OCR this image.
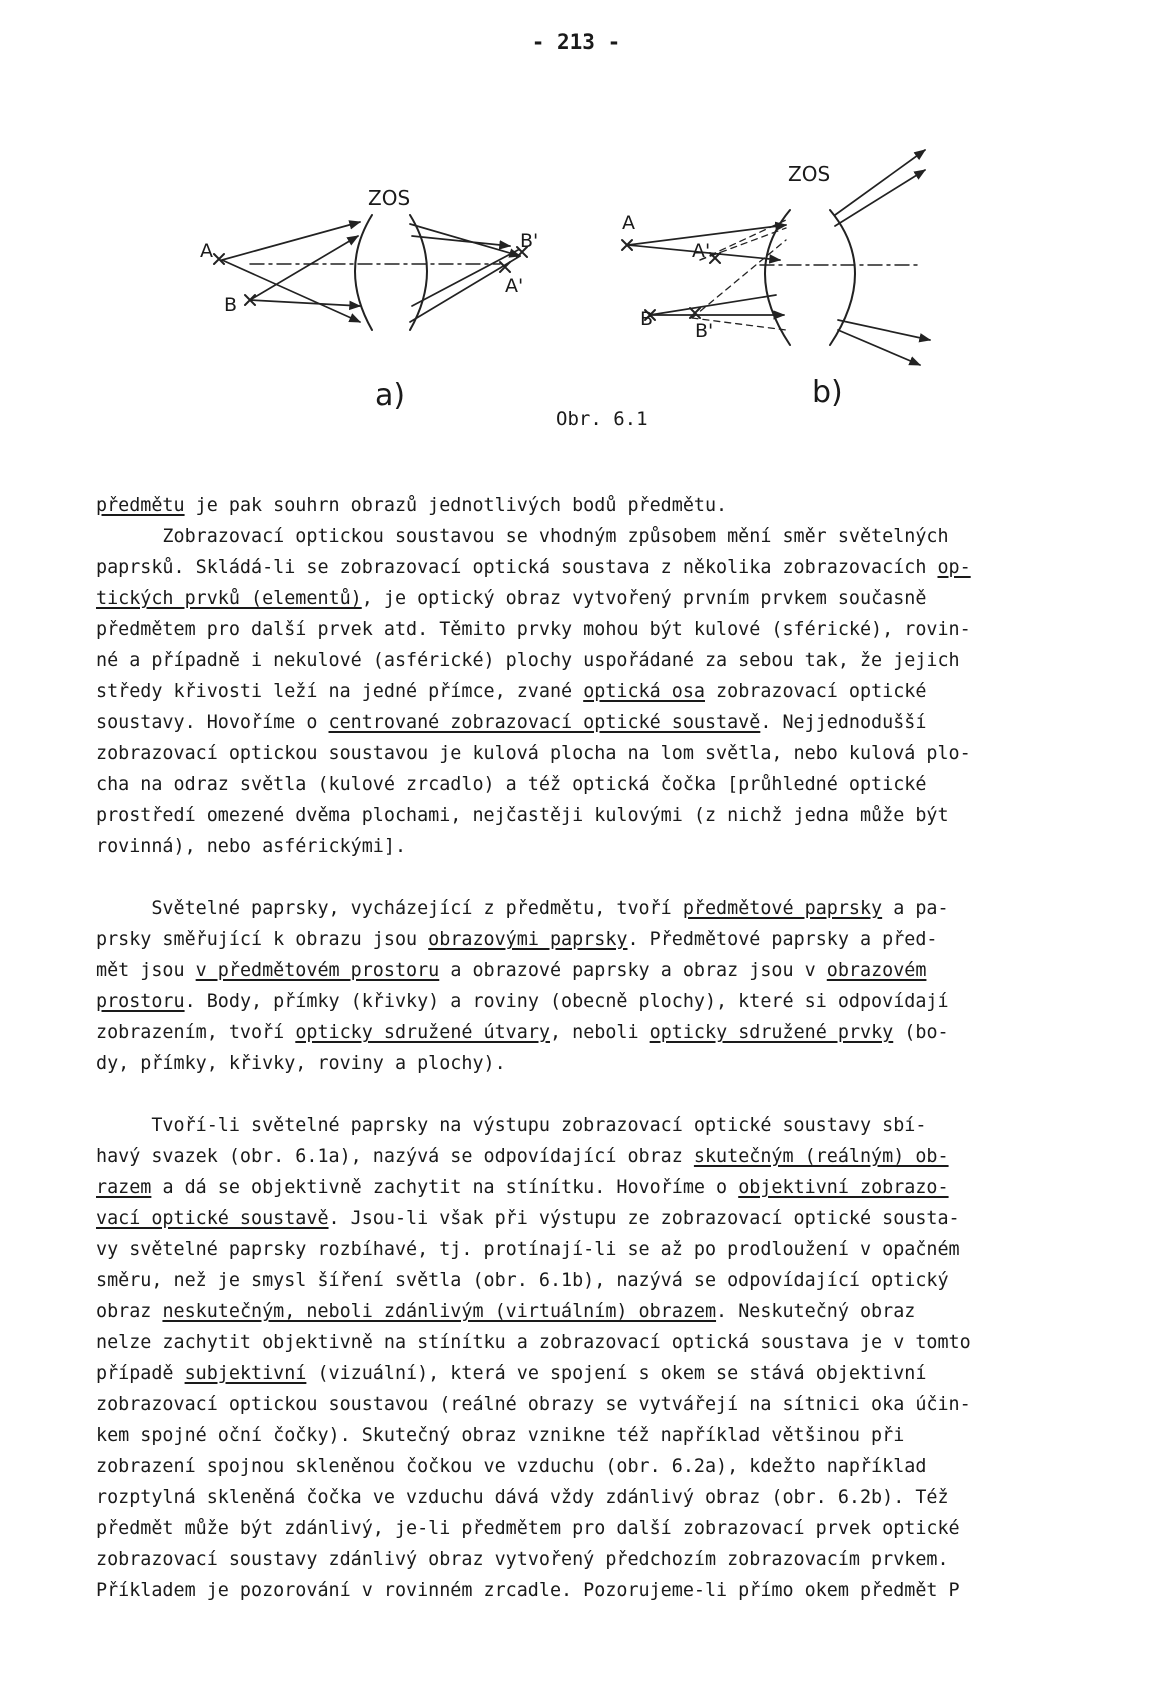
- 213 -
ZOS
A
B
B'
A'
a)
ZOS
A
A'
B
B'
b)
Obr. 6.1
předmětu je pak souhrn obrazů jednotlivých bodů předmětu.
Zobrazovací optickou soustavou se vhodným způsobem mění směr světelných
paprsků. Skládá-li se zobrazovací optická soustava z několika zobrazovacích op-
tických prvků (elementů), je optický obraz vytvořený prvním prvkem současně
předmětem pro další prvek atd. Těmito prvky mohou být kulové (sférické), rovin-
né a případně i nekulové (asférické) plochy uspořádané za sebou tak, že jejich
středy křivosti leží na jedné přímce, zvané optická osa zobrazovací optické
soustavy. Hovoříme o centrované zobrazovací optické soustavě. Nejjednodušší
zobrazovací optickou soustavou je kulová plocha na lom světla, nebo kulová plo-
cha na odraz světla (kulové zrcadlo) a též optická čočka [průhledné optické
prostředí omezené dvěma plochami, nejčastěji kulovými (z nichž jedna může být
rovinná), nebo asférickými].
Světelné paprsky, vycházející z předmětu, tvoří předmětové paprsky a pa-
prsky směřující k obrazu jsou obrazovými paprsky. Předmětové paprsky a před-
mět jsou v předmětovém prostoru a obrazové paprsky a obraz jsou v obrazovém
prostoru. Body, přímky (křivky) a roviny (obecně plochy), které si odpovídají
zobrazením, tvoří opticky sdružené útvary, neboli opticky sdružené prvky (bo-
dy, přímky, křivky, roviny a plochy).
Tvoří-li světelné paprsky na výstupu zobrazovací optické soustavy sbí-
havý svazek (obr. 6.1a), nazývá se odpovídající obraz skutečným (reálným) ob-
razem a dá se objektivně zachytit na stínítku. Hovoříme o objektivní zobrazo-
vací optické soustavě. Jsou-li však při výstupu ze zobrazovací optické sousta-
vy světelné paprsky rozbíhavé, tj. protínají-li se až po prodloužení v opačném
směru, než je smysl šíření světla (obr. 6.1b), nazývá se odpovídající optický
obraz neskutečným, neboli zdánlivým (virtuálním) obrazem. Neskutečný obraz
nelze zachytit objektivně na stínítku a zobrazovací optická soustava je v tomto
případě subjektivní (vizuální), která ve spojení s okem se stává objektivní
zobrazovací optickou soustavou (reálné obrazy se vytvářejí na sítnici oka účin-
kem spojné oční čočky). Skutečný obraz vznikne též například většinou při
zobrazení spojnou skleněnou čočkou ve vzduchu (obr. 6.2a), kdežto například
rozptylná skleněná čočka ve vzduchu dává vždy zdánlivý obraz (obr. 6.2b). Též
předmět může být zdánlivý, je-li předmětem pro další zobrazovací prvek optické
zobrazovací soustavy zdánlivý obraz vytvořený předchozím zobrazovacím prvkem.
Příkladem je pozorování v rovinném zrcadle. Pozorujeme-li přímo okem předmět P
